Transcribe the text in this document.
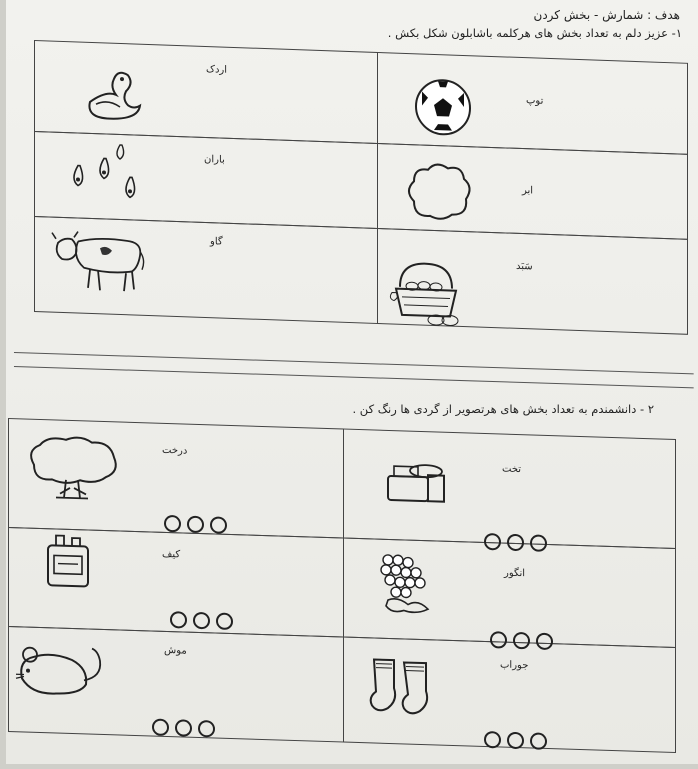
هدف : شمارش - بخش کردن
۱- عزیز دلم به تعداد بخش های هرکلمه باشابلون شکل بکش .
اردک
توپ
باران
ابر
گاو
سَبَد
۲ - دانشمندم به تعداد بخش های هرتصویر از گردی ها رنگ کن .
درخت
تخت
کیف
انگور
موش
جوراب
